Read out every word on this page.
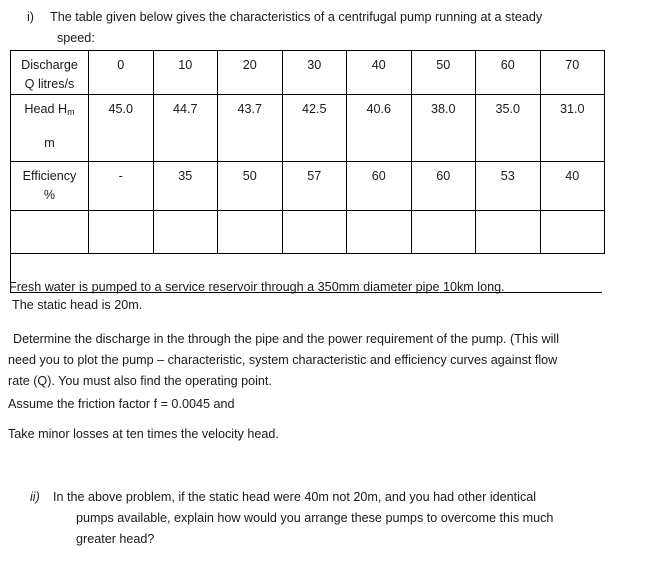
i) The table given below gives the characteristics of a centrifugal pump running at a steady
speed:
Discharge
Q litres/s	0	10	20	30	40	50	60	70

Head $H_m$
m	45.0	44.7	43.7	42.5	40.6	38.0	35.0	31.0

Efficiency
%	-	35	50	57	60	60	53	40

Fresh water is pumped to a service reservoir through a 350mm diameter pipe 10km long.
The static head is 20m.
Determine the discharge in the through the pipe and the power requirement of the pump. (This will
need you to plot the pump – characteristic, system characteristic and efficiency curves against flow
rate (Q). You must also find the operating point.
Assume the friction factor f = 0.0045 and
Take minor losses at ten times the velocity head.
ii) In the above problem, if the static head were 40m not 20m, and you had other identical
pumps available, explain how would you arrange these pumps to overcome this much
greater head?
